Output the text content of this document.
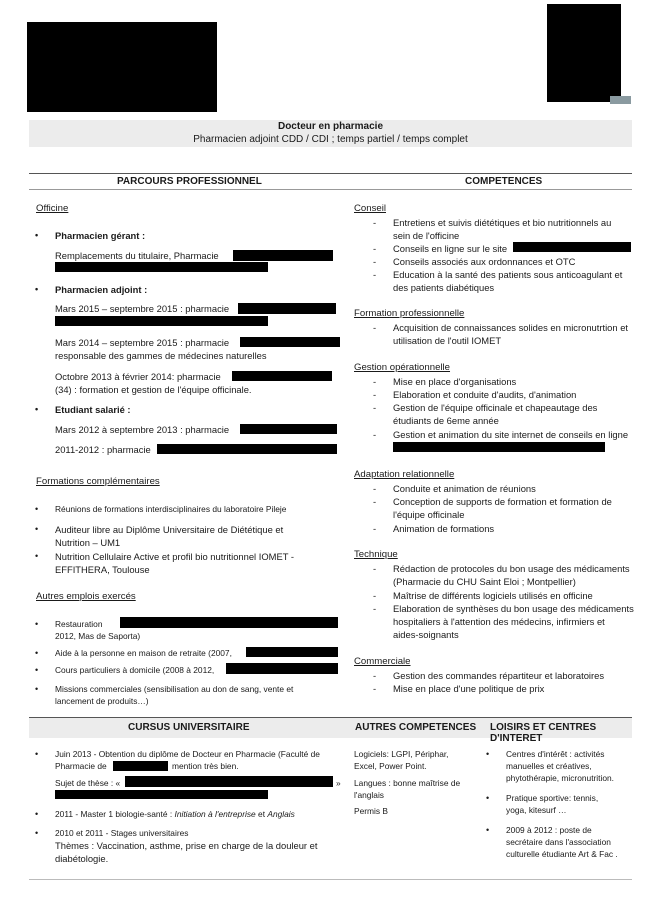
Docteur en pharmacie
Pharmacien adjoint CDD / CDI ; temps partiel / temps complet
PARCOURS PROFESSIONNEL	COMPETENCES
Officine
• Pharmacien gérant :
Remplacements du titulaire, Pharmacie
• Pharmacien adjoint :
Mars 2015 – septembre 2015 : pharmacie
Mars 2014 – septembre 2015 : pharmacie
responsable des gammes de médecines naturelles
Octobre 2013 à février 2014: pharmacie
(34) : formation et gestion de l'équipe officinale.
• Etudiant salarié :
Mars 2012 à septembre 2013 : pharmacie
2011-2012 : pharmacie
Formations complémentaires
• Réunions de formations interdisciplinaires du laboratoire Pileje
• Auditeur libre au Diplôme Universitaire de Diététique et
Nutrition – UM1
• Nutrition Cellulaire Active et profil bio nutritionnel IOMET -
EFFITHERA, Toulouse
Autres emplois exercés
• Restauration
2012, Mas de Saporta)
• Aide à la personne en maison de retraite (2007,
• Cours particuliers à domicile (2008 à 2012,
• Missions commerciales (sensibilisation au don de sang, vente et
lancement de produits…)
Conseil
- Entretiens et suivis diététiques et bio nutritionnels au
sein de l'officine
- Conseils en ligne sur le site
- Conseils associés aux ordonnances et OTC
- Education à la santé des patients sous anticoagulant et
des patients diabétiques
Formation professionnelle
- Acquisition de connaissances solides en micronutrtion et
utilisation de l'outil IOMET
Gestion opérationnelle
- Mise en place d'organisations
- Elaboration et conduite d'audits, d'animation
- Gestion de l'équipe officinale et chapeautage des
étudiants de 6eme année
- Gestion et animation du site internet de conseils en ligne
Adaptation relationnelle
- Conduite et animation de réunions
- Conception de supports de formation et formation de
l'équipe officinale
- Animation de formations
Technique
- Rédaction de protocoles du bon usage des médicaments
(Pharmacie du CHU Saint Eloi ; Montpellier)
- Maîtrise de différents logiciels utilisés en officine
- Elaboration de synthèses du bon usage des médicaments
hospitaliers à l'attention des médecins, infirmiers et
aides-soignants
Commerciale
- Gestion des commandes répartiteur et laboratoires
- Mise en place d'une politique de prix
CURSUS UNIVERSITAIRE	AUTRES COMPETENCES LOISIRS ET CENTRES D'INTERET
• Juin 2013 - Obtention du diplôme de Docteur en Pharmacie (Faculté de
Pharmacie de	mention très bien.
Sujet de thèse : «	»
• 2011 - Master 1 biologie-santé : Initiation à l'entreprise et Anglais
• 2010 et 2011 - Stages universitaires
Thèmes : Vaccination, asthme, prise en charge de la douleur et
diabétologie.
Logiciels: LGPI, Périphar,
Excel, Power Point.
Langues : bonne maîtrise de
l'anglais
Permis B
• Centres d'intérêt : activités
manuelles et créatives,
phytothérapie, micronutrition.
• Pratique sportive: tennis,
yoga, kitesurf …
• 2009 à 2012 : poste de
secrétaire dans l'association
culturelle étudiante Art & Fac .
